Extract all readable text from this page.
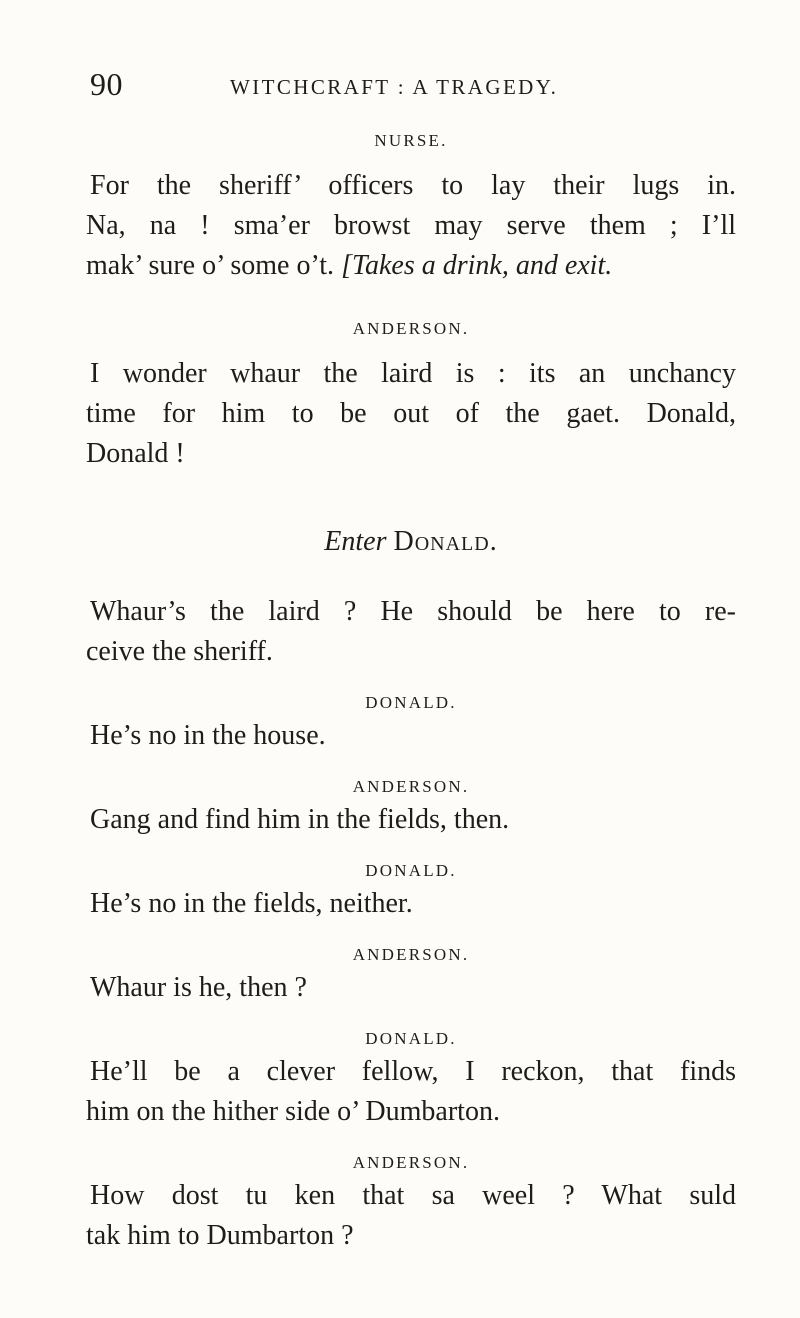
90	WITCHCRAFT : A TRAGEDY.

NURSE.

For the sheriff’ officers to lay their lugs in.
Na, na ! sma’er browst may serve them ; I’ll
mak’ sure o’ some o’t. [Takes a drink, and exit.

ANDERSON.

I wonder whaur the laird is : its an unchancy
time for him to be out of the gaet. Donald,
Donald !

Enter Donald.

Whaur’s the laird ? He should be here to re-
ceive the sheriff.

DONALD.

He’s no in the house.

ANDERSON.

Gang and find him in the fields, then.

DONALD.

He’s no in the fields, neither.

ANDERSON.

Whaur is he, then ?

DONALD.

He’ll be a clever fellow, I reckon, that finds
him on the hither side o’ Dumbarton.

ANDERSON.

How dost tu ken that sa weel ? What suld
tak him to Dumbarton ?
